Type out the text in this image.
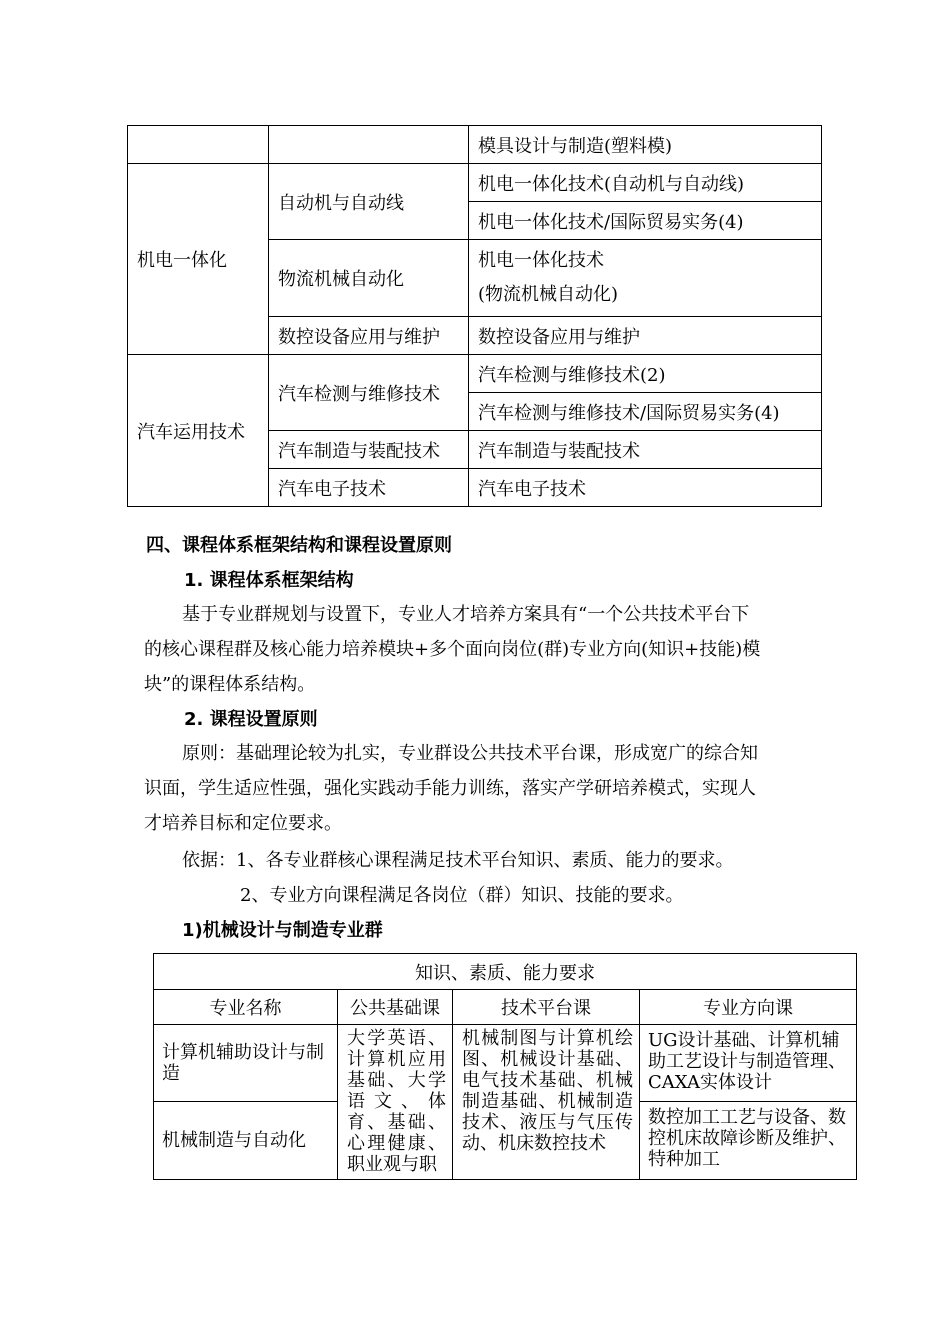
		模具设计与制造(塑料模)
机电一体化	自动机与自动线	机电一体化技术(自动机与自动线)
		机电一体化技术/国际贸易实务(4)
	物流机械自动化	机电一体化技术
(物流机械自动化)

	数控设备应用与维护	数控设备应用与维护
汽车运用技术	汽车检测与维修技术	汽车检测与维修技术(2)
		汽车检测与维修技术/国际贸易实务(4)
	汽车制造与装配技术	汽车制造与装配技术
	汽车电子技术	汽车电子技术
四、课程体系框架结构和课程设置原则
1. 课程体系框架结构
基于专业群规划与设置下，专业人才培养方案具有“一个公共技术平台下
的核心课程群及核心能力培养模块+多个面向岗位(群)专业方向(知识+技能)模
块”的课程体系结构。
2. 课程设置原则
原则：基础理论较为扎实，专业群设公共技术平台课，形成宽广的综合知
识面，学生适应性强，强化实践动手能力训练，落实产学研培养模式，实现人
才培养目标和定位要求。
依据：1、各专业群核心课程满足技术平台知识、素质、能力的要求。
2、专业方向课程满足各岗位（群）知识、技能的要求。
1)机械设计与制造专业群
知识、素质、能力要求			
专业名称	公共基础课	技术平台课	专业方向课
计算机辅助设计与制造	大学英语、计算机应用基础、大学语文、体育、基础、心理健康、职业观与职	机械制图与计算机绘图、机械设计基础、电气技术基础、机械制造基础、机械制造技术、液压与气压传动、机床数控技术	UG设计基础、计算机辅助工艺设计与制造管理、 CAXA实体设计
机械制造与自动化			数控加工工艺与设备、数控机床故障诊断及维护、特种加工
